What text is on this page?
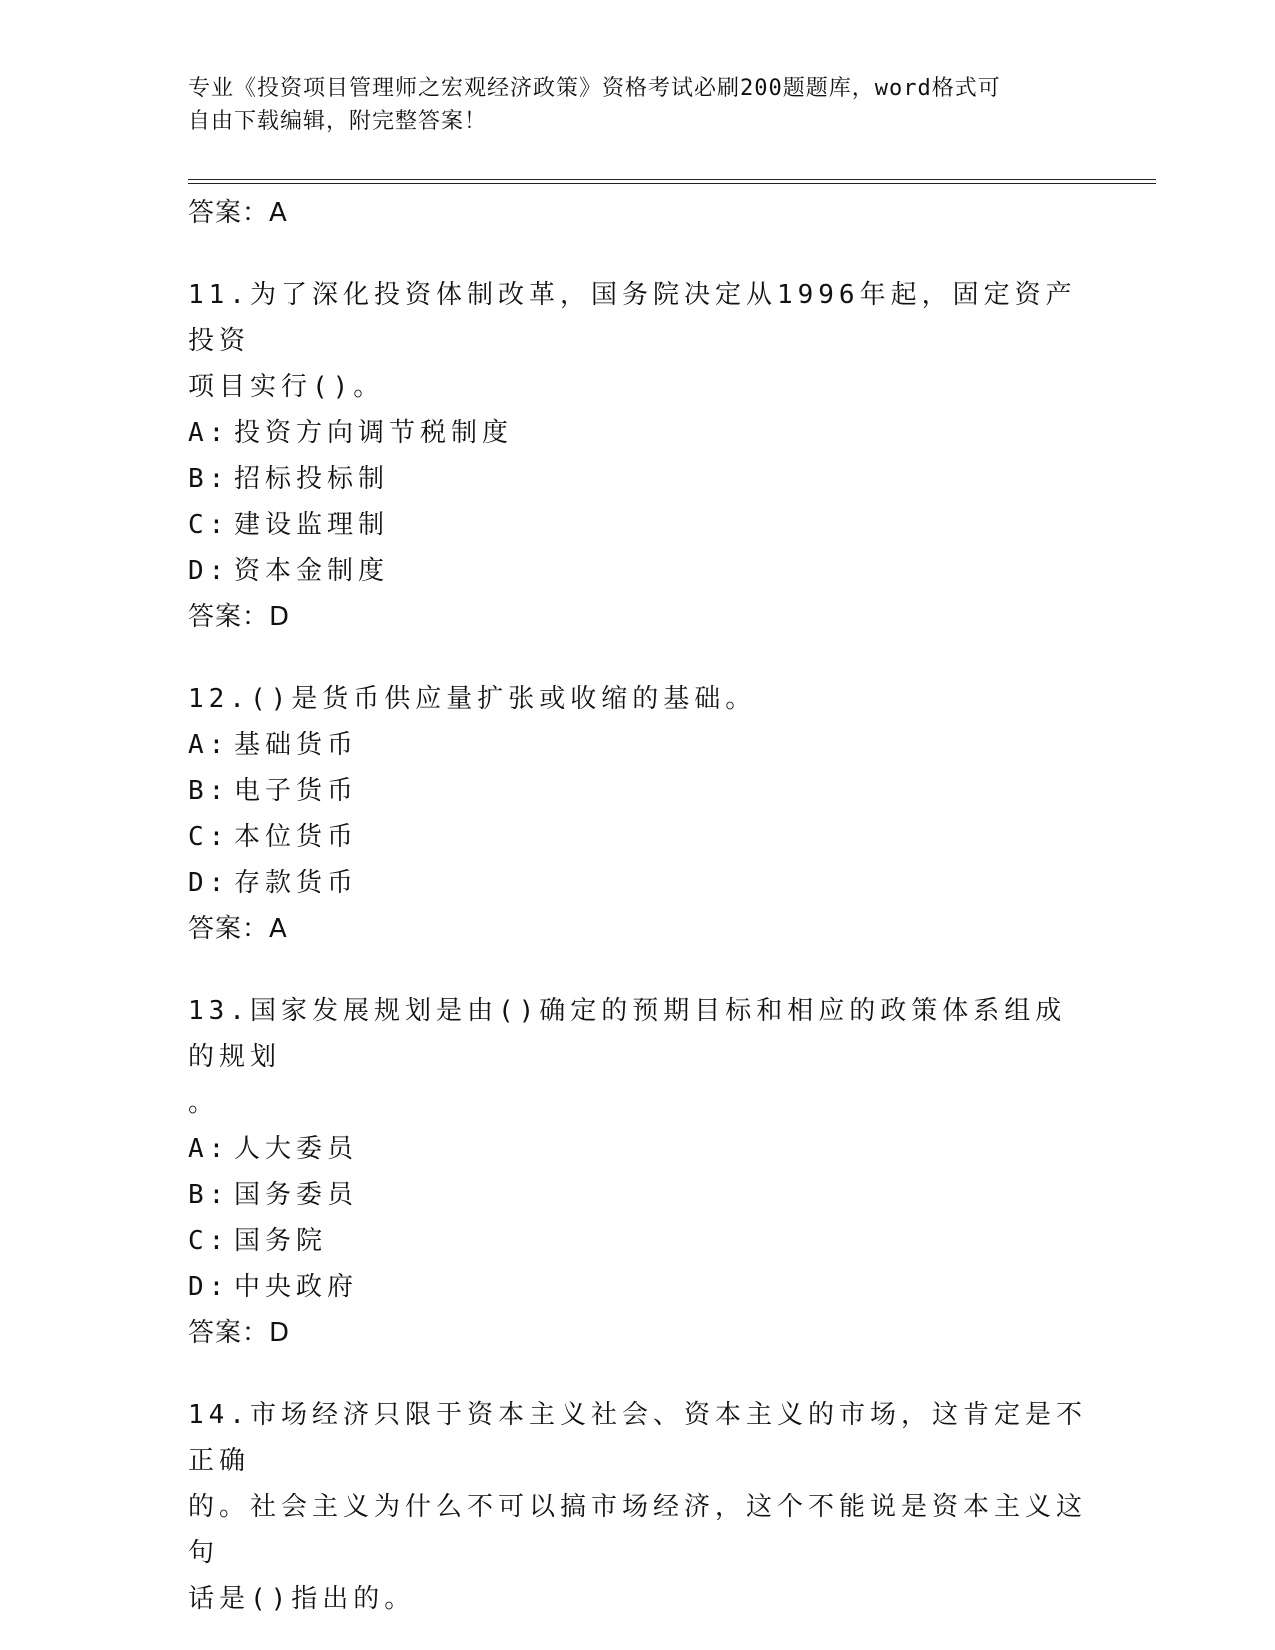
专业《投资项目管理师之宏观经济政策》资格考试必刷200题题库，word格式可
自由下载编辑，附完整答案！
答案：A
11.为了深化投资体制改革，国务院决定从1996年起，固定资产投资
项目实行()。
A: 投资方向调节税制度
B: 招标投标制
C: 建设监理制
D: 资本金制度
答案：D
12.()是货币供应量扩张或收缩的基础。
A: 基础货币
B: 电子货币
C: 本位货币
D: 存款货币
答案：A
13.国家发展规划是由()确定的预期目标和相应的政策体系组成的规划
。
A: 人大委员
B: 国务委员
C: 国务院
D: 中央政府
答案：D
14.市场经济只限于资本主义社会、资本主义的市场，这肯定是不正确
的。社会主义为什么不可以搞市场经济，这个不能说是资本主义这句
话是()指出的。
